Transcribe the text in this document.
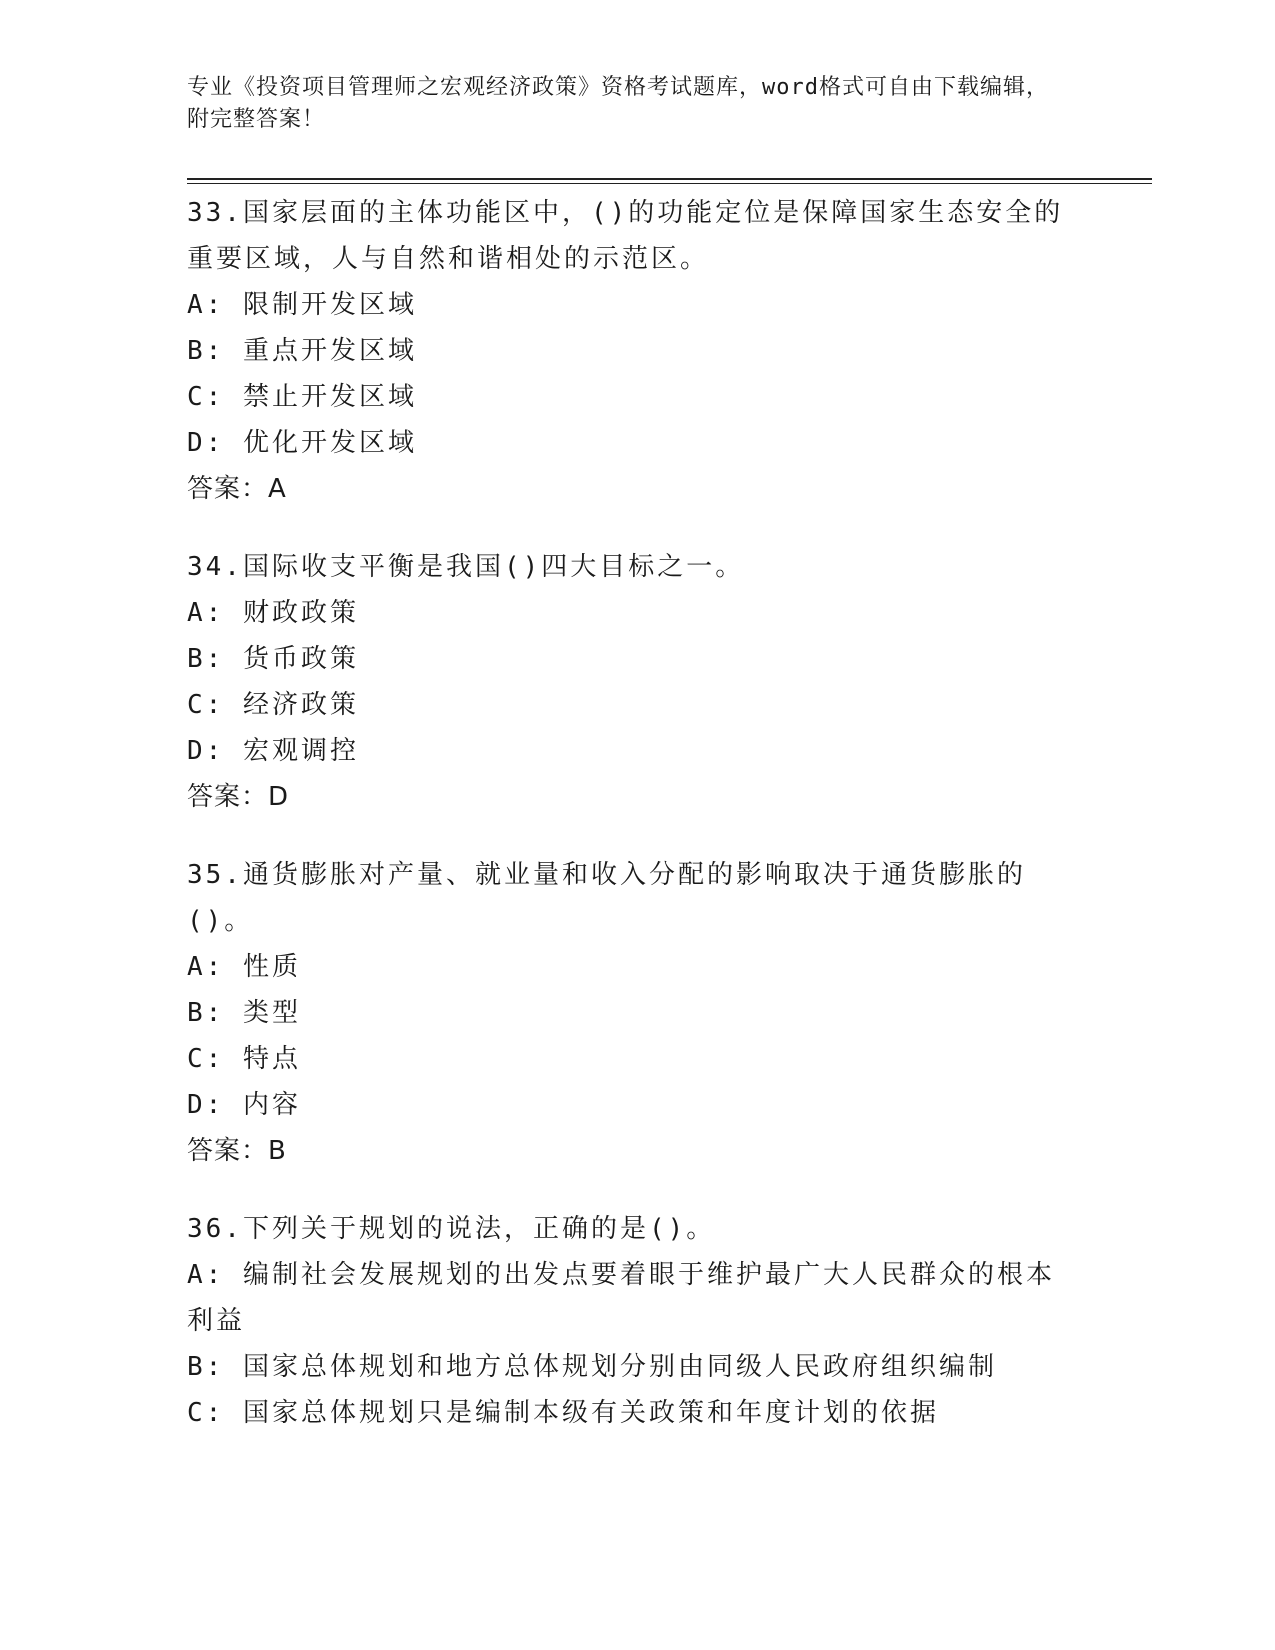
专业《投资项目管理师之宏观经济政策》资格考试题库，word格式可自由下载编辑，附完整答案！

33.国家层面的主体功能区中，()的功能定位是保障国家生态安全的重要区域，人与自然和谐相处的示范区。

A: 限制开发区域

B: 重点开发区域

C: 禁止开发区域

D: 优化开发区域

答案：A

34.国际收支平衡是我国()四大目标之一。

A: 财政政策

B: 货币政策

C: 经济政策

D: 宏观调控

答案：D

35.通货膨胀对产量、就业量和收入分配的影响取决于通货膨胀的()。

A: 性质

B: 类型

C: 特点

D: 内容

答案：B

36.下列关于规划的说法，正确的是()。

A: 编制社会发展规划的出发点要着眼于维护最广大人民群众的根本利益

B: 国家总体规划和地方总体规划分别由同级人民政府组织编制

C: 国家总体规划只是编制本级有关政策和年度计划的依据
